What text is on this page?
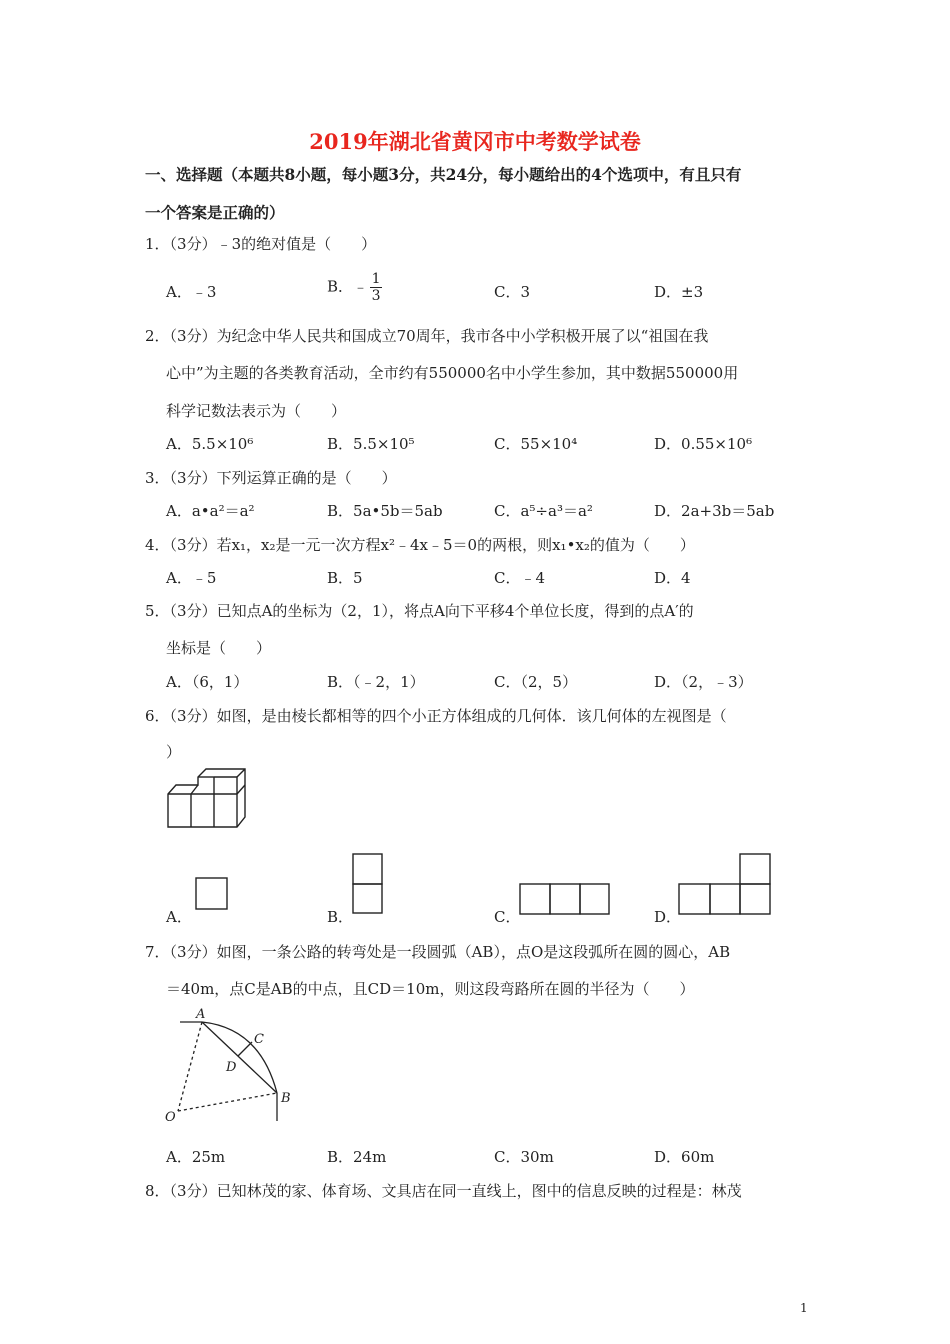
2019年湖北省黄冈市中考数学试卷
一、选择题（本题共8小题，每小题3分，共24分，每小题给出的4个选项中，有且只有
一个答案是正确的）
1．（3分）﹣3的绝对值是（　　）
A．﹣3	B．﹣ $\frac{1}{3}$	C．3	D．±3
2．（3分）为纪念中华人民共和国成立70周年，我市各中小学积极开展了以“祖国在我
心中”为主题的各类教育活动，全市约有550000名中小学生参加，其中数据550000用
科学记数法表示为（　　）
A．5.5×10⁶	B．5.5×10⁵	C．55×10⁴	D．0.55×10⁶
3．（3分）下列运算正确的是（　　）
A．a•a²＝a²	B．5a•5b＝5ab	C．a⁵÷a³＝a²	D．2a+3b＝5ab
4．（3分）若x₁，x₂是一元一次方程x²﹣4x﹣5＝0的两根，则x₁•x₂的值为（　　）
A．﹣5	B．5	C．﹣4	D．4
5．（3分）已知点A的坐标为（2，1），将点A向下平移4个单位长度，得到的点A′的
坐标是（　　）
A．（6，1）	B．（﹣2，1）	C．（2，5）	D．（2，﹣3）
6．（3分）如图，是由棱长都相等的四个小正方体组成的几何体．该几何体的左视图是（
）
A．	B．	C．	D．
7．（3分）如图，一条公路的转弯处是一段圆弧（AB），点O是这段弧所在圆的圆心，AB
＝40m，点C是AB的中点，且CD＝10m，则这段弯路所在圆的半径为（　　）
A
C
D
B
O
A．25m	B．24m	C．30m	D．60m
8．（3分）已知林茂的家、体育场、文具店在同一直线上，图中的信息反映的过程是：林茂
1
